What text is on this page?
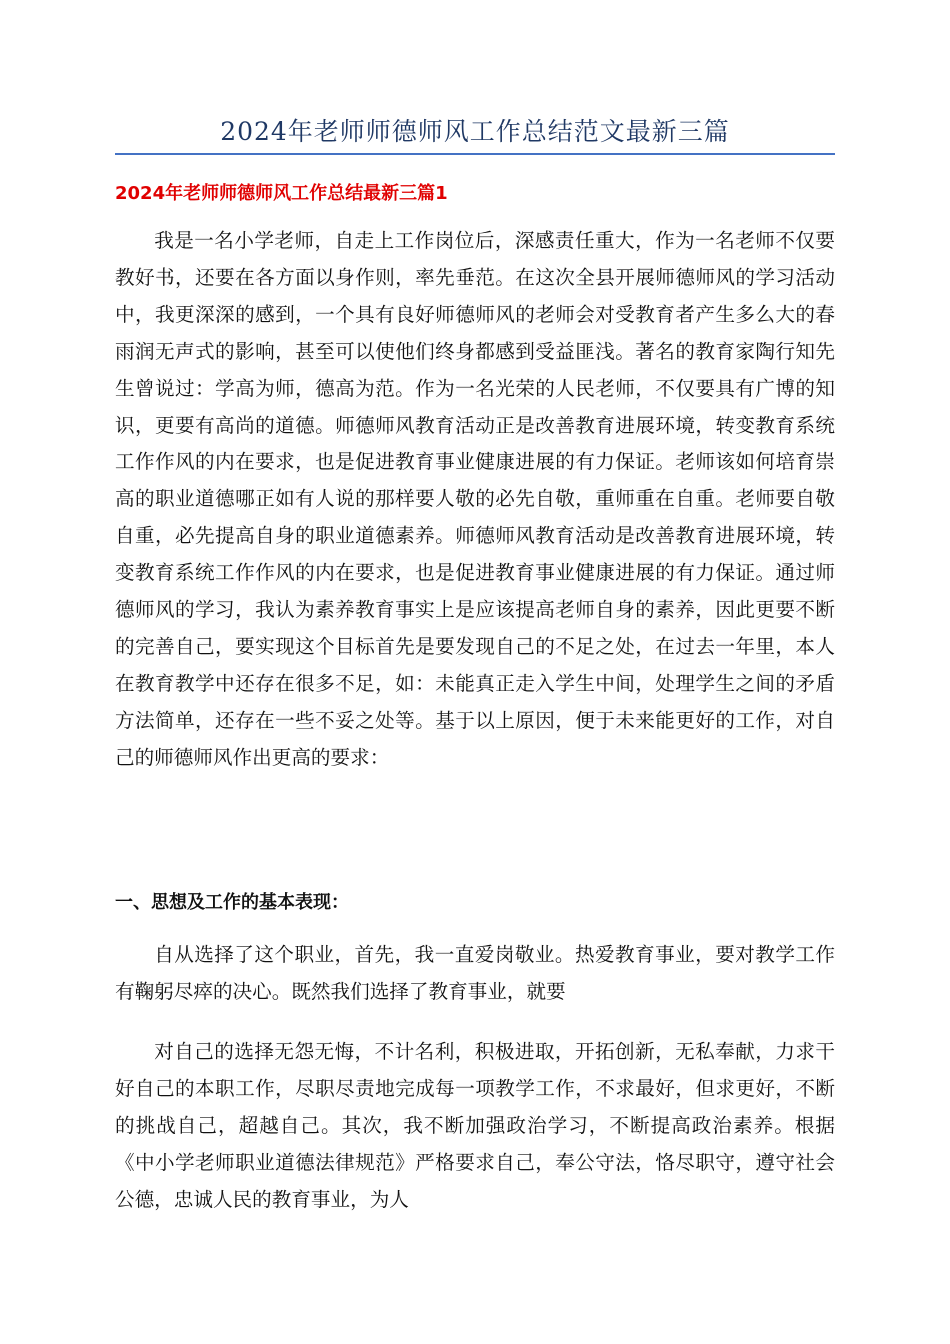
2024年老师师德师风工作总结范文最新三篇
2024年老师师德师风工作总结最新三篇1

我是一名小学老师，自走上工作岗位后，深感责任重大，作为一名老师不仅要教好书，还要在各方面以身作则，率先垂范。在这次全县开展师德师风的学习活动中，我更深深的感到，一个具有良好师德师风的老师会对受教育者产生多么大的春雨润无声式的影响，甚至可以使他们终身都感到受益匪浅。著名的教育家陶行知先生曾说过：学高为师，德高为范。作为一名光荣的人民老师，不仅要具有广博的知识，更要有高尚的道德。师德师风教育活动正是改善教育进展环境，转变教育系统工作作风的内在要求，也是促进教育事业健康进展的有力保证。老师该如何培育崇高的职业道德哪正如有人说的那样要人敬的必先自敬，重师重在自重。老师要自敬自重，必先提高自身的职业道德素养。师德师风教育活动是改善教育进展环境，转变教育系统工作作风的内在要求，也是促进教育事业健康进展的有力保证。通过师德师风的学习，我认为素养教育事实上是应该提高老师自身的素养，因此更要不断的完善自己，要实现这个目标首先是要发现自己的不足之处，在过去一年里，本人在教育教学中还存在很多不足，如：未能真正走入学生中间，处理学生之间的矛盾方法简单，还存在一些不妥之处等。基于以上原因，便于未来能更好的工作，对自己的师德师风作出更高的要求：

一、思想及工作的基本表现：

自从选择了这个职业，首先，我一直爱岗敬业。热爱教育事业，要对教学工作有鞠躬尽瘁的决心。既然我们选择了教育事业，就要

对自己的选择无怨无悔，不计名利，积极进取，开拓创新，无私奉献，力求干好自己的本职工作，尽职尽责地完成每一项教学工作，不求最好，但求更好，不断的挑战自己，超越自己。其次，我不断加强政治学习，不断提高政治素养。根据《中小学老师职业道德法律规范》严格要求自己，奉公守法，恪尽职守，遵守社会公德，忠诚人民的教育事业，为人
